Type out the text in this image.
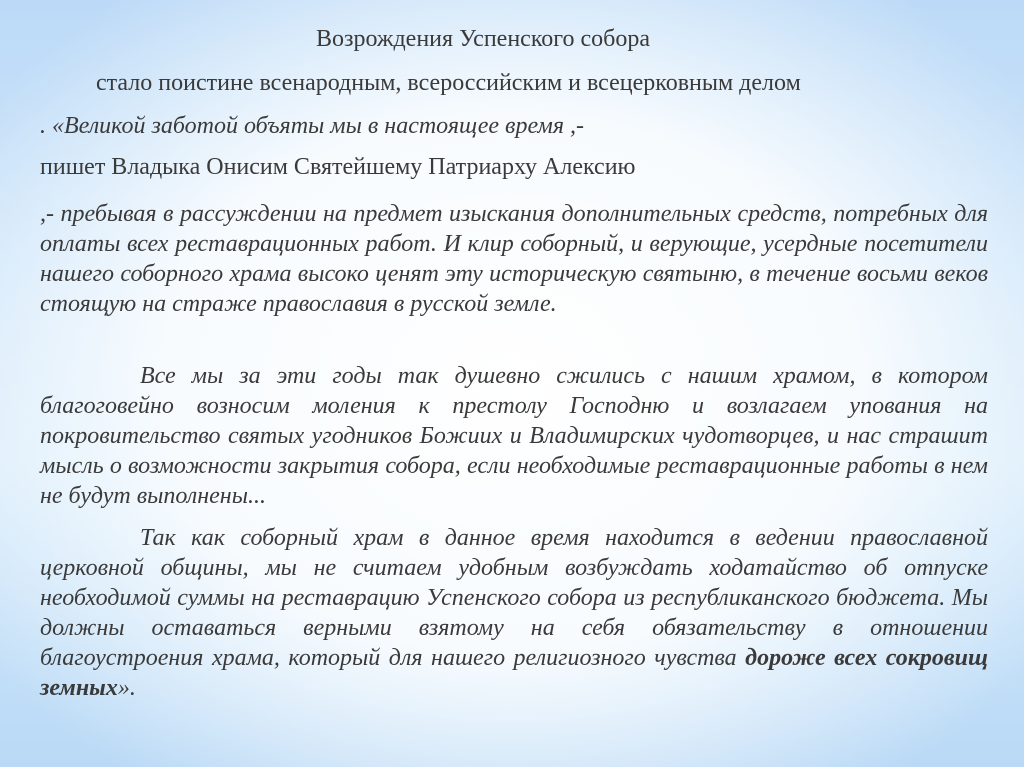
Возрождения Успенского собора
стало поистине всенародным, всероссийским и всецерковным делом
. «Великой заботой объяты мы в настоящее время ,-
пишет Владыка Онисим Святейшему Патриарху Алексию
,- пребывая в рассуждении на предмет изыскания дополнительных средств, потребных для оплаты всех реставрационных работ. И клир соборный, и верующие, усердные посетители нашего соборного храма высоко ценят эту историческую святыню, в течение восьми веков стоящую на страже православия в русской земле.
Все мы за эти годы так душевно сжились с нашим храмом, в котором благоговейно возносим моления к престолу Господню и возлагаем упования на покровительство святых угодников Божиих и Владимирских чудотворцев, и нас страшит мысль о возможности закрытия собора, если необходимые реставрационные работы в нем не будут выполнены...
Так как соборный храм в данное время находится в ведении православной церковной общины, мы не считаем удобным возбуждать ходатайство об отпуске необходимой суммы на реставрацию Успенского собора из республиканского бюджета. Мы должны оставаться верными взятому на себя обязательству в отношении благоустроения храма, который для нашего религиозного чувства дороже всех сокровищ земных».
